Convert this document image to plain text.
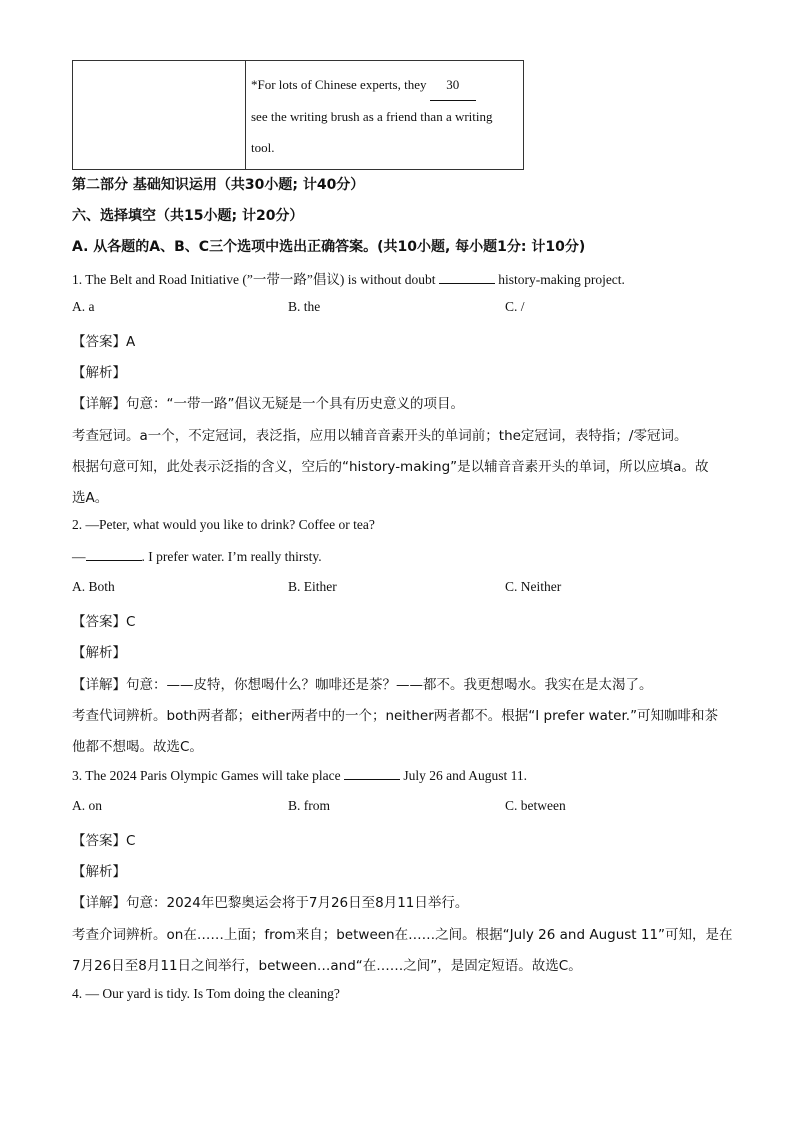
*For lots of Chinese experts, they 30
see the writing brush as a friend than a writing
tool.
第二部分 基础知识运用（共30小题; 计40分）
六、选择填空（共15小题; 计20分）
A. 从各题的A、B、C三个选项中选出正确答案。(共10小题, 每小题1分: 计10分)
1. The Belt and Road Initiative (”一带一路”倡议) is without doubt	history-making project.
A. a	B. the	C. /
【答案】A
【解析】
【详解】句意：“一带一路”倡议无疑是一个具有历史意义的项目。
考查冠词。a一个，不定冠词，表泛指，应用以辅音音素开头的单词前；the定冠词，表特指；/零冠词。
根据句意可知，此处表示泛指的含义，空后的“history-making”是以辅音音素开头的单词，所以应填a。故
选A。
2. —Peter, what would you like to drink? Coffee or tea?
—	. I prefer water. I’m really thirsty.
A. Both	B. Either	C. Neither
【答案】C
【解析】
【详解】句意：——皮特，你想喝什么？咖啡还是茶？——都不。我更想喝水。我实在是太渴了。
考查代词辨析。both两者都；either两者中的一个；neither两者都不。根据“I prefer water.”可知咖啡和茶
他都不想喝。故选C。
3. The 2024 Paris Olympic Games will take place	July 26 and August 11.
A. on	B. from	C. between
【答案】C
【解析】
【详解】句意：2024年巴黎奥运会将于7月26日至8月11日举行。
考查介词辨析。on在……上面；from来自；between在……之间。根据“July 26 and August 11”可知，是在
7月26日至8月11日之间举行，between…and“在……之间”，是固定短语。故选C。
4. — Our yard is tidy. Is Tom doing the cleaning?
